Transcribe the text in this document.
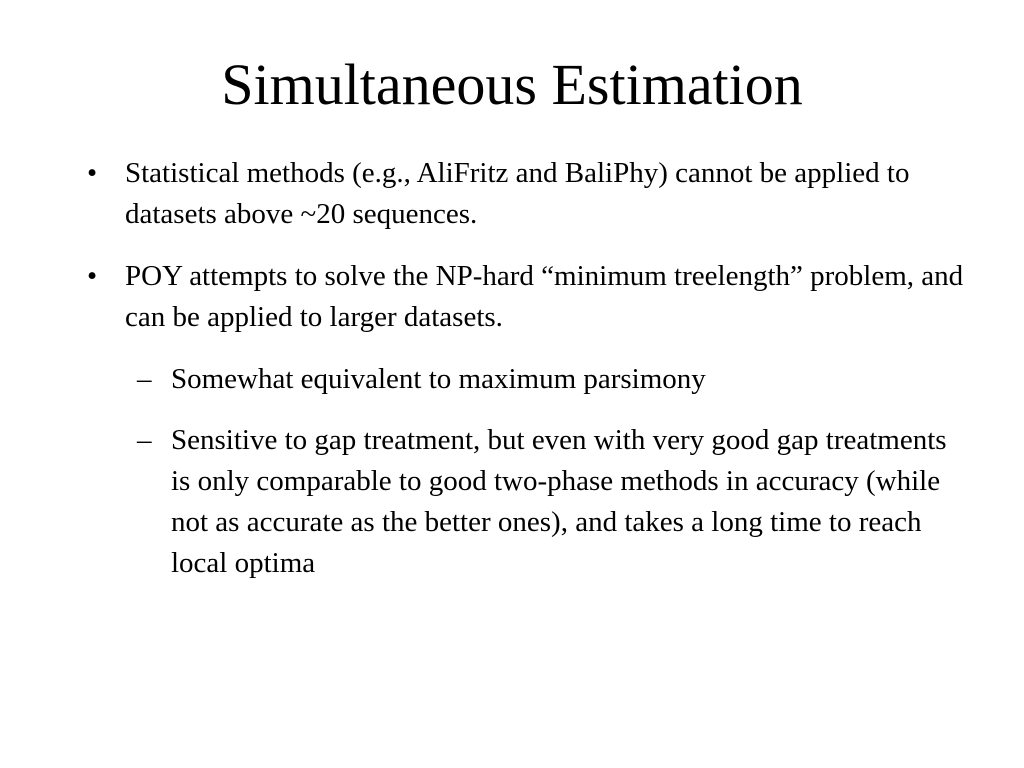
Simultaneous Estimation
• Statistical methods (e.g., AliFritz and BaliPhy) cannot be applied to datasets above ~20 sequences.
• POY attempts to solve the NP-hard “minimum treelength” problem, and can be applied to larger datasets.
– Somewhat equivalent to maximum parsimony
– Sensitive to gap treatment, but even with very good gap treatments is only comparable to good two-phase methods in accuracy (while not as accurate as the better ones), and takes a long time to reach local optima
